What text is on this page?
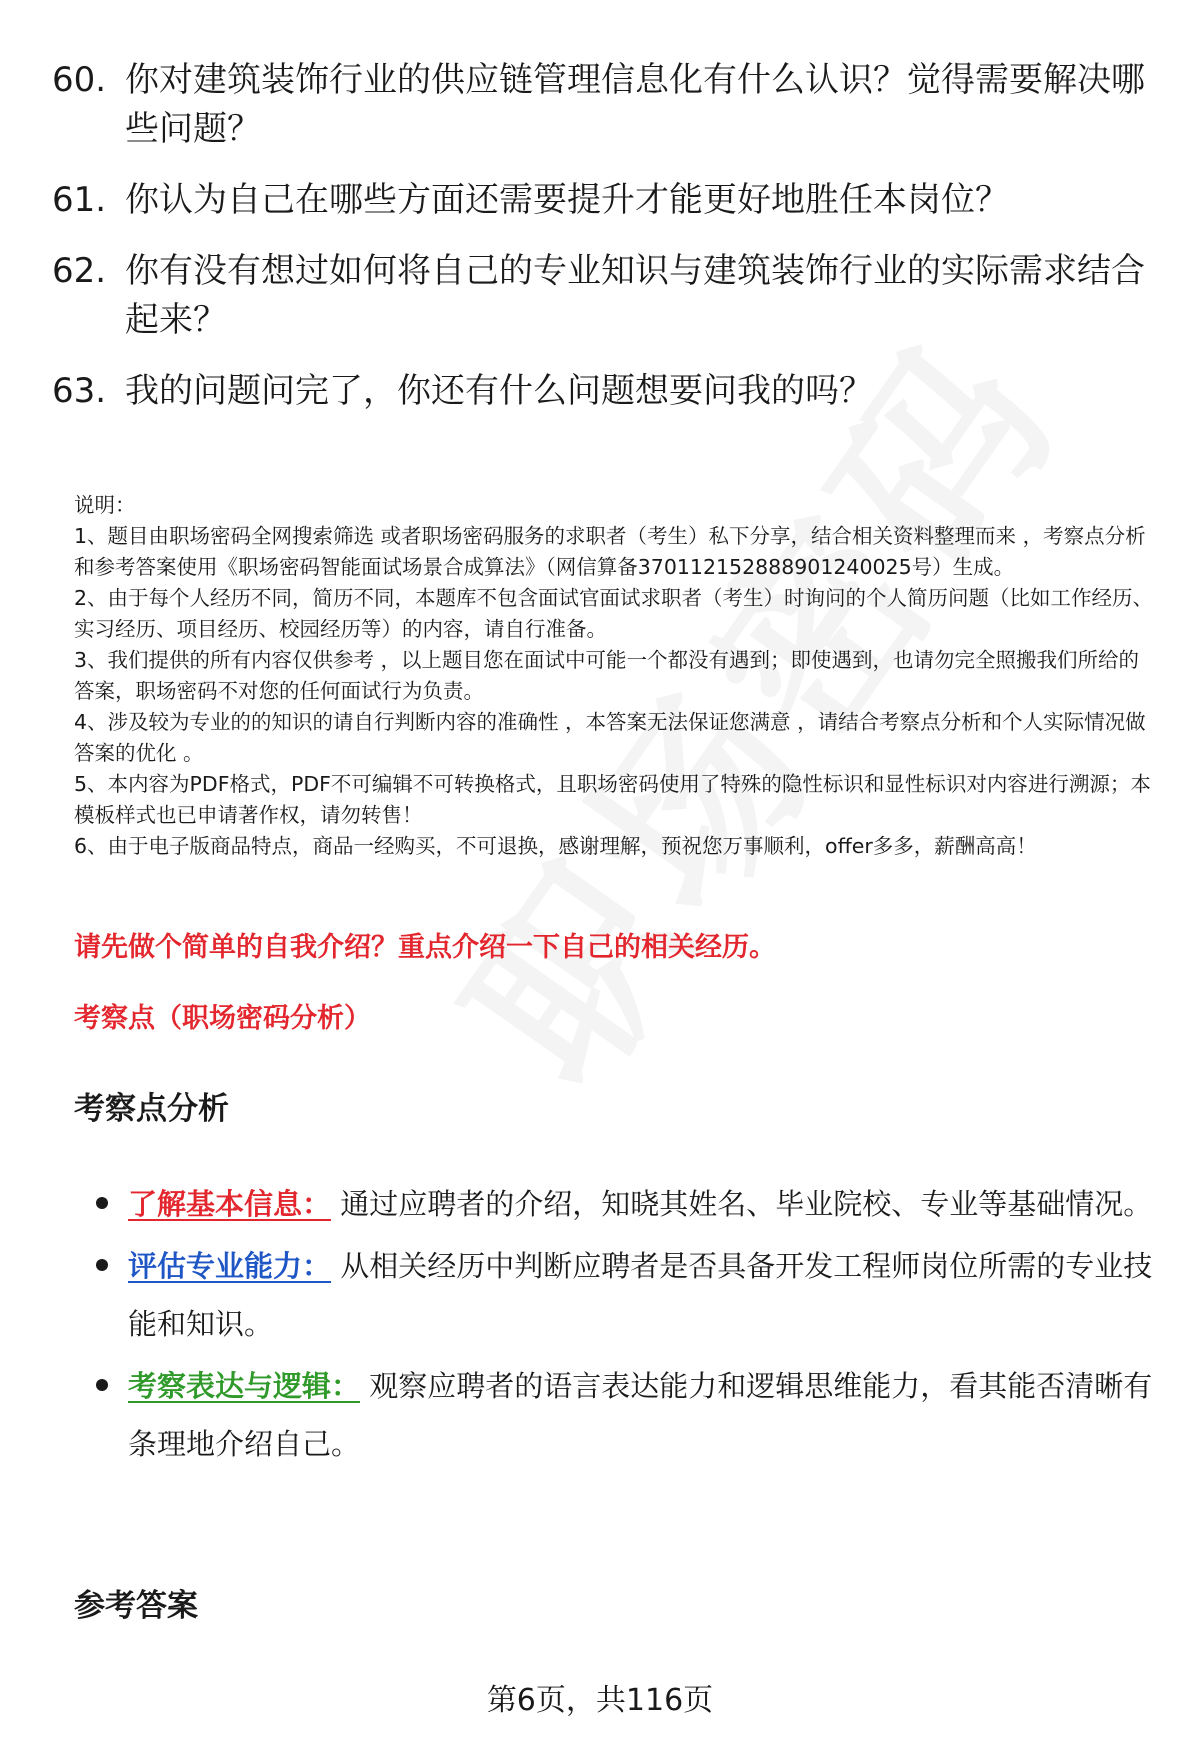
60. 你对建筑装饰行业的供应链管理信息化有什么认识？觉得需要解决哪些问题？
61. 你认为自己在哪些方面还需要提升才能更好地胜任本岗位？
62. 你有没有想过如何将自己的专业知识与建筑装饰行业的实际需求结合起来？
63. 我的问题问完了，你还有什么问题想要问我的吗？

说明：

1、题目由职场密码全网搜索筛选 或者职场密码服务的求职者（考生）私下分享，结合相关资料整理而来 ，考察点分析和参考答案使用《职场密码智能面试场景合成算法》（网信算备370112152888901240025号）生成。

2、由于每个人经历不同，简历不同，本题库不包含面试官面试求职者（考生）时询问的个人简历问题（比如工作经历、实习经历、项目经历、校园经历等）的内容，请自行准备。

3、我们提供的所有内容仅供参考 ，以上题目您在面试中可能一个都没有遇到；即使遇到，也请勿完全照搬我们所给的答案，职场密码不对您的任何面试行为负责。

4、涉及较为专业的的知识的请自行判断内容的准确性 ，本答案无法保证您满意 ，请结合考察点分析和个人实际情况做答案的优化 。

5、本内容为PDF格式，PDF不可编辑不可转换格式，且职场密码使用了特殊的隐性标识和显性标识对内容进行溯源；本模板样式也已申请著作权，请勿转售！

6、由于电子版商品特点，商品一经购买，不可退换，感谢理解，预祝您万事顺利，offer多多，薪酬高高！

请先做个简单的自我介绍？重点介绍一下自己的相关经历。
考察点（职场密码分析）
考察点分析
了解基本信息： 通过应聘者的介绍，知晓其姓名、毕业院校、专业等基础情况。
评估专业能力： 从相关经历中判断应聘者是否具备开发工程师岗位所需的专业技能和知识。
考察表达与逻辑： 观察应聘者的语言表达能力和逻辑思维能力，看其能否清晰有条理地介绍自己。
参考答案
第6页，共116页
